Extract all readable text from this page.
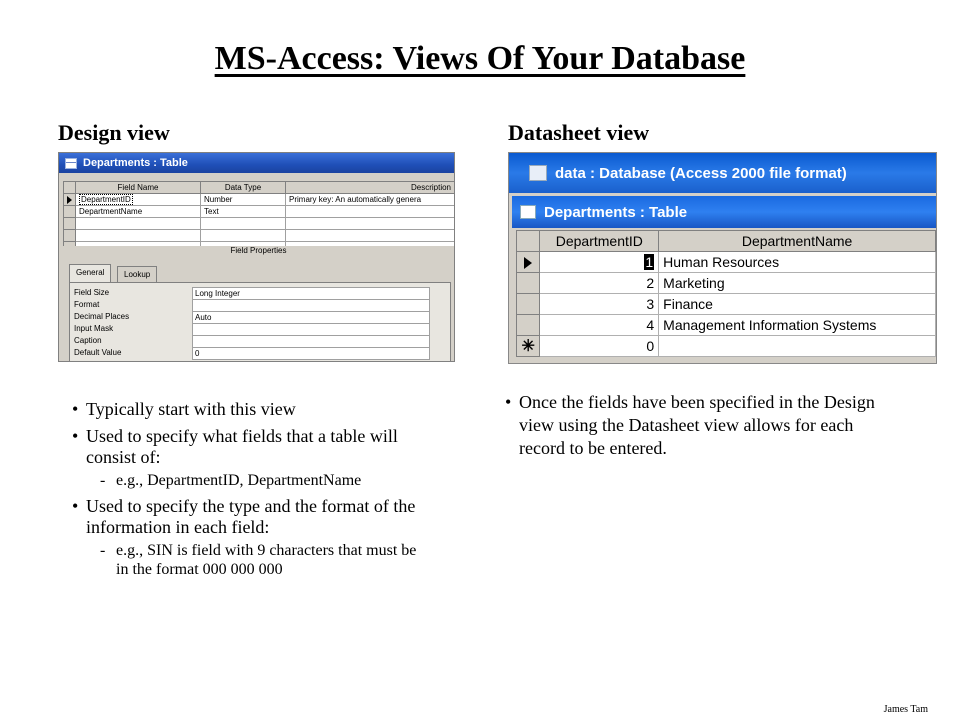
MS-Access: Views Of Your Database
Design view	Datasheet view
Departments : Table
	Field Name	Data Type	Description
	DepartmentID	Number	Primary key: An automatically genera
	DepartmentName	Text	

Field Properties
General	Lookup
Field Size	Long Integer
Format
Decimal Places	Auto
Input Mask
Caption
Default Value	0
data : Database (Access 2000 file format)
Departments : Table
	DepartmentID	DepartmentName
	1	Human Resources
	2	Marketing
	3	Finance
	4	Management Information Systems
✳	0	
• Typically start with this view
• Used to specify what fields that a table will consist of:
- e.g., DepartmentID, DepartmentName
• Used to specify the type and the format of the information in each field:
- e.g., SIN is field with 9 characters that must be in the format 000 000 000
• Once the fields have been specified in the Design view using the Datasheet view allows for each record to be entered.
James Tam
